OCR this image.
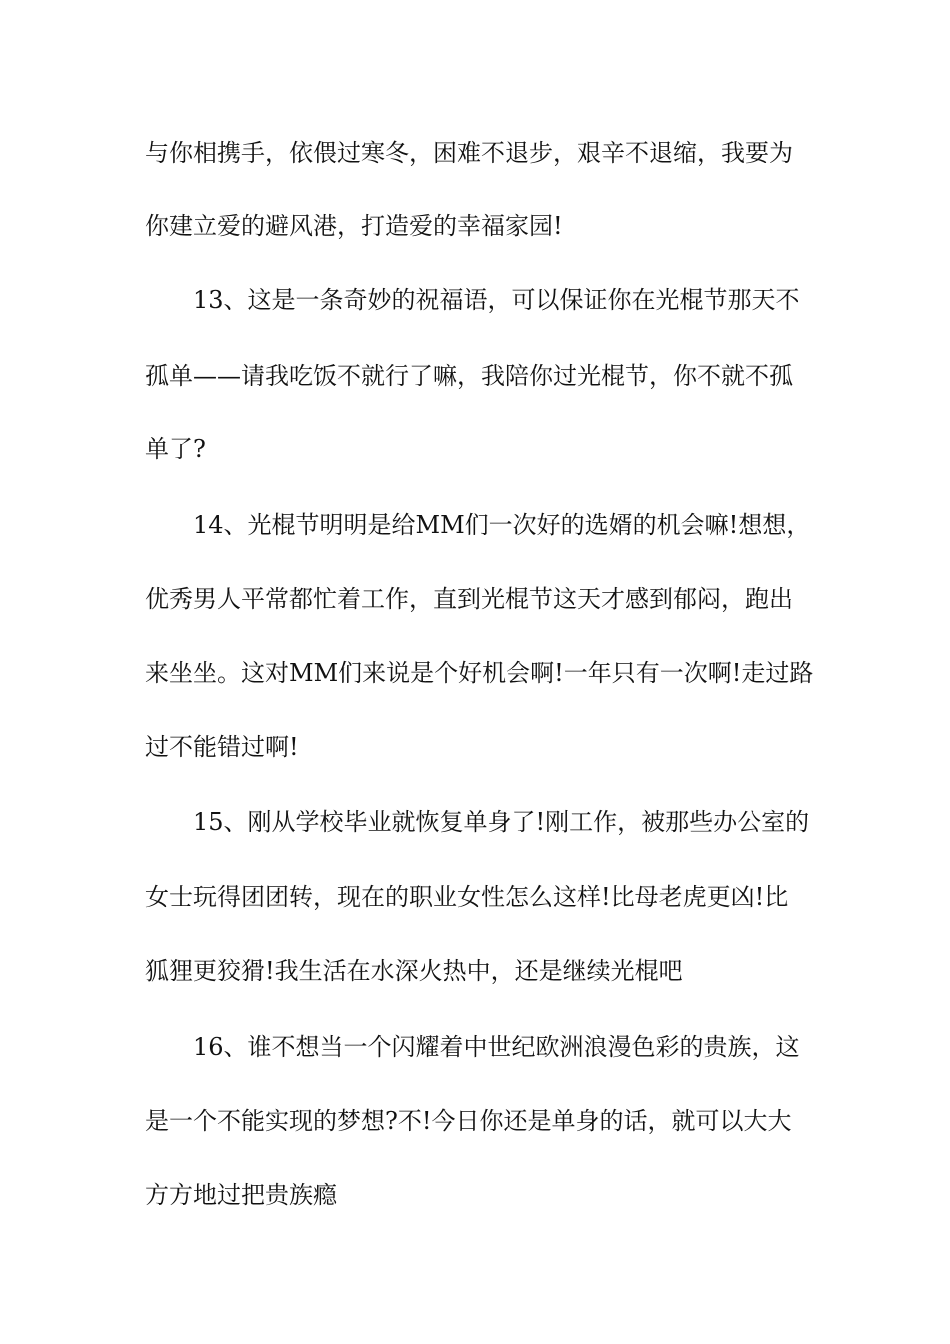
与你相携手，依偎过寒冬，困难不退步，艰辛不退缩，我要为
你建立爱的避风港，打造爱的幸福家园!
13、这是一条奇妙的祝福语，可以保证你在光棍节那天不
孤单——请我吃饭不就行了嘛，我陪你过光棍节，你不就不孤
单了?
14、光棍节明明是给MM们一次好的选婿的机会嘛!想想，
优秀男人平常都忙着工作，直到光棍节这天才感到郁闷，跑出
来坐坐。这对MM们来说是个好机会啊!一年只有一次啊!走过路
过不能错过啊!
15、刚从学校毕业就恢复单身了!刚工作，被那些办公室的
女士玩得团团转，现在的职业女性怎么这样!比母老虎更凶!比
狐狸更狡猾!我生活在水深火热中，还是继续光棍吧
16、谁不想当一个闪耀着中世纪欧洲浪漫色彩的贵族，这
是一个不能实现的梦想?不!今日你还是单身的话，就可以大大
方方地过把贵族瘾
